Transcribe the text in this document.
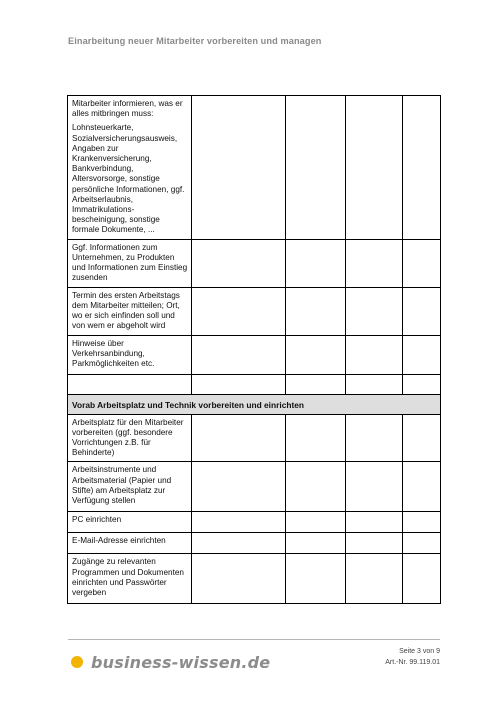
Einarbeitung neuer Mitarbeiter vorbereiten und managen

Mitarbeiter informieren, was er alles mitbringen muss:

Lohnsteuerkarte, Sozialversicherungsausweis, Angaben zur Krankenversicherung, Bankverbindung, Altersvorsorge, sonstige persönliche Informationen, ggf. Arbeitserlaubnis, Immatrikulations-bescheinigung, sonstige formale Dokumente, ...				

Ggf. Informationen zum Unternehmen, zu Produkten und Informationen zum Einstieg zusenden				

Termin des ersten Arbeitstags dem Mitarbeiter mitteilen; Ort, wo er sich einfinden soll und von wem er abgeholt wird				

Hinweise über Verkehrsanbindung, Parkmöglichkeiten etc.				

Vorab Arbeitsplatz und Technik vorbereiten und einrichten				

Arbeitsplatz für den Mitarbeiter vorbereiten (ggf. besondere Vorrichtungen z.B. für Behinderte)				

Arbeitsinstrumente und Arbeitsmaterial (Papier und Stifte) am Arbeitsplatz zur Verfügung stellen				

PC einrichten				

E-Mail-Adresse einrichten				

Zugänge zu relevanten Programmen und Dokumenten einrichten und Passwörter vergeben				

business-wissen.de
Seite 3 von 9
Art.-Nr. 99.119.01
